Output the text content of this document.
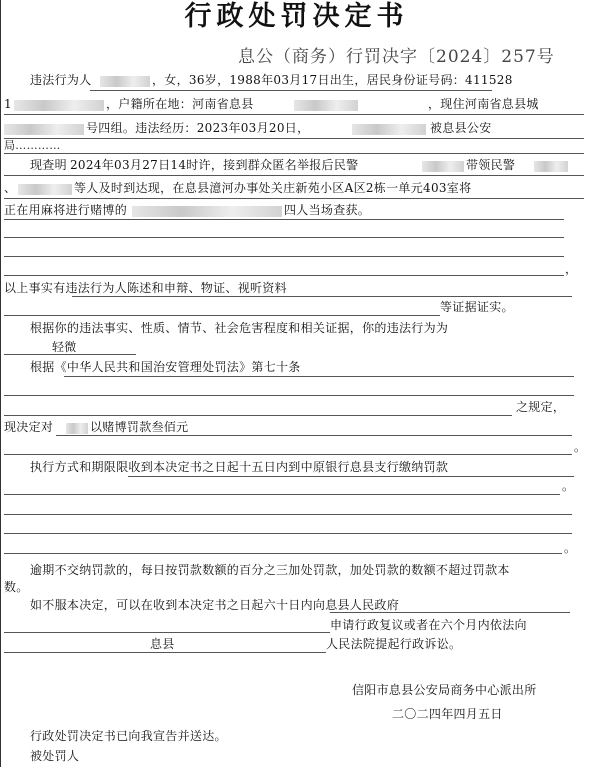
行政处罚决定书
息公（商务）行罚决字〔2024〕257号
违法行为人	，女，36岁，1988年03月17日出生，居民身份证号码：411528
1	，户籍所在地：河南省息县	，现住河南省息县城
号四组。违法经历：2023年03月20日，	被息县公安
局…………
现查明 2024年03月27日14时许，接到群众匿名举报后民警	带领民警
、	等人及时到达现，在息县澺河办事处关庄新苑小区A区2栋一单元403室将
正在用麻将进行赌博的	四人当场查获。
，
以上事实有违法行为人陈述和申辩、物证、视听资料
等证据证实。
根据你的违法事实、性质、情节、社会危害程度和相关证据，你的违法行为为
轻微
根据《中华人民共和国治安管理处罚法》第七十条
之规定，
现决定对	以赌博罚款叁佰元
。
执行方式和期限限收到本决定书之日起十五日内到中原银行息县支行缴纳罚款
。
。
逾期不交纳罚款的，每日按罚款数额的百分之三加处罚款，加处罚款的数额不超过罚款本
数。
如不服本决定，可以在收到本决定书之日起六十日内向息县人民政府
申请行政复议或者在六个月内依法向
息县	人民法院提起行政诉讼。
信阳市息县公安局商务中心派出所
二〇二四年四月五日
行政处罚决定书已向我宣告并送达。
被处罚人
